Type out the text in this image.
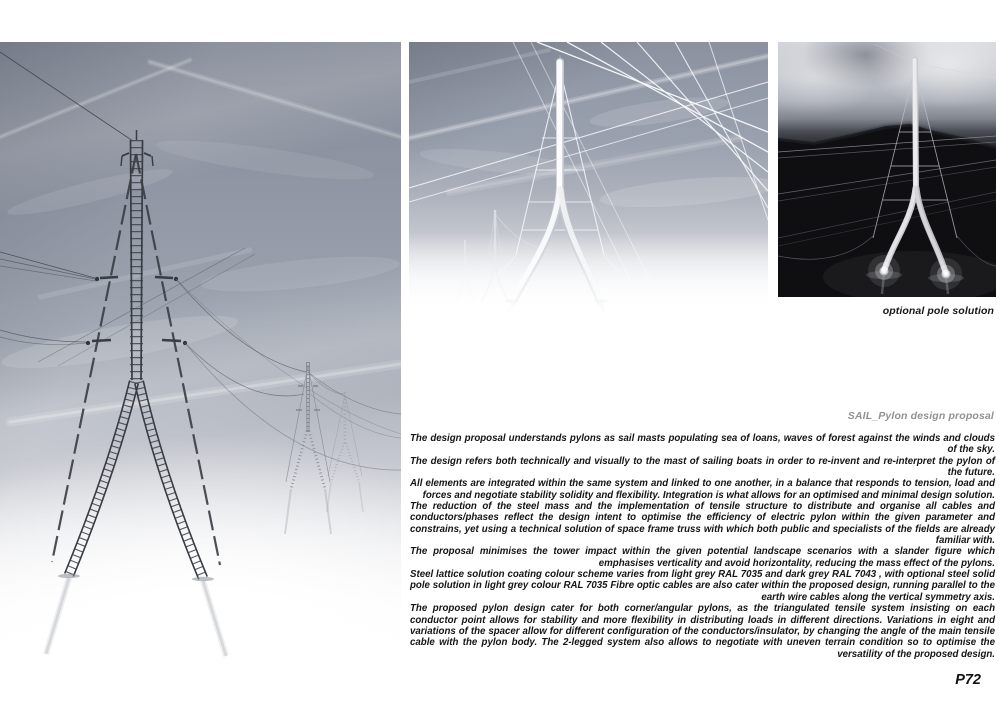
optional pole solution
SAIL_Pylon design proposal

The design proposal understands pylons as sail masts populating sea of loans, waves of forest against the winds and clouds of the sky.

The design refers both technically and visually to the mast of sailing boats in order to re-invent and re-interpret the pylon of the future.

All elements are integrated within the same system and linked to one another, in a balance that responds to tension, load and forces and negotiate stability solidity and flexibility. Integration is what allows for an optimised and minimal design solution.

The reduction of the steel mass and the implementation of tensile structure to distribute and organise all cables and conductors/phases reflect the design intent to optimise the efficiency of electric pylon within the given parameter and constrains, yet using a technical solution of space frame truss with which both public and specialists of the fields are already familiar with.

The proposal minimises the tower impact within the given potential landscape scenarios with a slander figure which emphasises verticality and avoid horizontality, reducing the mass effect of the pylons.

Steel lattice solution coating colour scheme varies from light grey RAL 7035 and dark grey RAL 7043 , with optional steel solid pole solution in light grey colour RAL 7035 Fibre optic cables are also cater within the proposed design, running parallel to the earth wire cables along the vertical symmetry axis.

The proposed pylon design cater for both corner/angular pylons, as the triangulated tensile system insisting on each conductor point allows for stability and more flexibility in distributing loads in different directions. Variations in eight and variations of the spacer allow for different configuration of the conductors/insulator, by changing the angle of the main tensile cable with the pylon body. The 2-legged system also allows to negotiate with uneven terrain condition so to optimise the versatility of the proposed design.

P72
